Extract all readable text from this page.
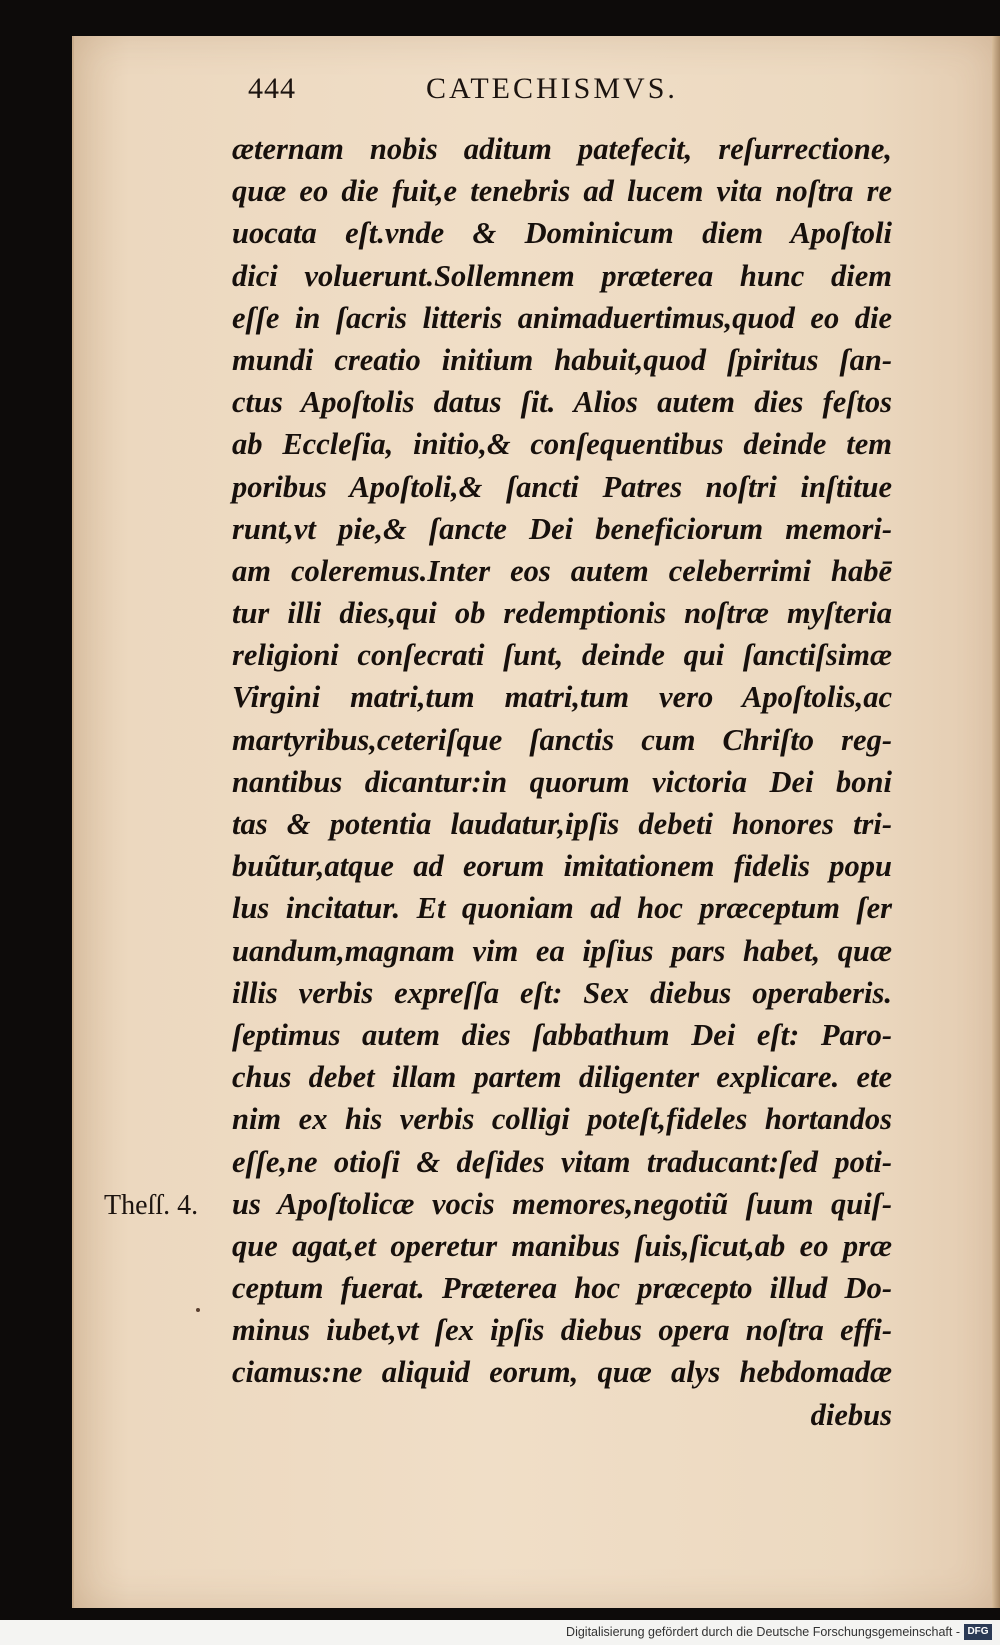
444	CATECHISMVS.
æternam nobis aditum patefecit, reſurrectione,
quæ eo die fuit,e tenebris ad lucem vita noſtra re
uocata eſt.vnde & Dominicum diem Apoſtoli
dici voluerunt.Sollemnem præterea hunc diem
eſſe in ſacris litteris animaduertimus,quod eo die
mundi creatio initium habuit,quod ſpiritus ſan-
ctus Apoſtolis datus ſit. Alios autem dies feſtos
ab Eccleſia, initio,& conſequentibus deinde tem
poribus Apoſtoli,& ſancti Patres noſtri inſtitue
runt,vt pie,& ſancte Dei beneficiorum memori-
am coleremus.Inter eos autem celeberrimi habē
tur illi dies,qui ob redemptionis noſtræ myſteria
religioni conſecrati ſunt, deinde qui ſanctiſsimæ
Virgini matri,tum matri,tum vero Apoſtolis,ac
martyribus,ceteriſque ſanctis cum Chriſto reg-
nantibus dicantur:in quorum victoria Dei boni
tas & potentia laudatur,ipſis debeti honores tri-
buũtur,atque ad eorum imitationem fidelis popu
lus incitatur. Et quoniam ad hoc præceptum ſer
uandum,magnam vim ea ipſius pars habet, quæ
illis verbis expreſſa eſt: Sex diebus operaberis.
ſeptimus autem dies ſabbathum Dei eſt: Paro-
chus debet illam partem diligenter explicare. ete
nim ex his verbis colligi poteſt,fideles hortandos
eſſe,ne otioſi & deſides vitam traducant:ſed poti-
us Apoſtolicæ vocis memores,negotiũ ſuum quiſ-
que agat,et operetur manibus ſuis,ſicut,ab eo præ
ceptum fuerat. Præterea hoc præcepto illud Do-
minus iubet,vt ſex ipſis diebus opera noſtra effi-
ciamus:ne aliquid eorum, quæ alys hebdomadæ
diebus
Theſſ. 4.
Digitalisierung gefördert durch die Deutsche Forschungsgemeinschaft - DFG
